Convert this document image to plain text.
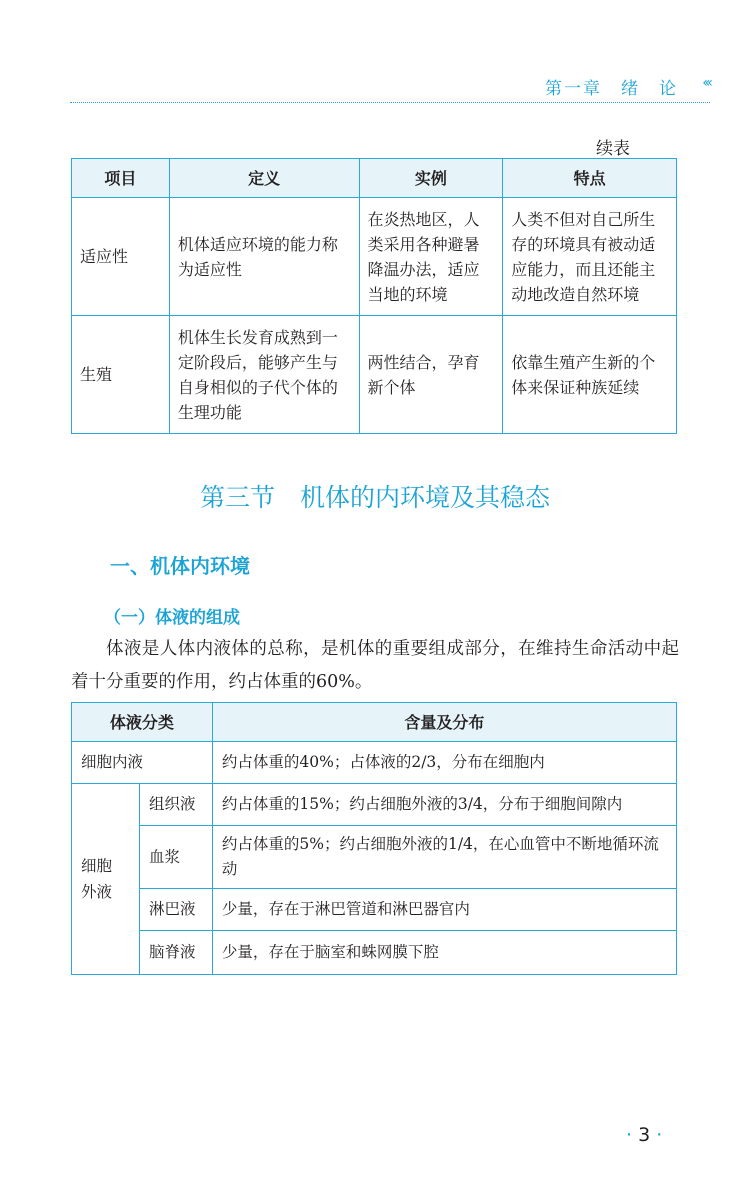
第一章　绪　论 ‹‹‹
续表
项目	定义	实例	特点
适应性	机体适应环境的能力称为适应性	在炎热地区，人类采用各种避暑降温办法，适应当地的环境	人类不但对自己所生存的环境具有被动适应能力，而且还能主动地改造自然环境
生殖	机体生长发育成熟到一定阶段后，能够产生与自身相似的子代个体的生理功能	两性结合，孕育新个体	依靠生殖产生新的个体来保证种族延续
第三节　机体的内环境及其稳态
一、机体内环境
（一）体液的组成
体液是人体内液体的总称，是机体的重要组成部分，在维持生命活动中起着十分重要的作用，约占体重的60%。
体液分类		含量及分布
细胞内液		约占体重的40%；占体液的2/3，分布在细胞内

细胞外液	组织液	约占体重的15%；约占细胞外液的3/4，分布于细胞间隙内
	血浆	约占体重的5%；约占细胞外液的1/4，在心血管中不断地循环流动
	淋巴液	少量，存在于淋巴管道和淋巴器官内
	脑脊液	少量，存在于脑室和蛛网膜下腔
· 3 ·
